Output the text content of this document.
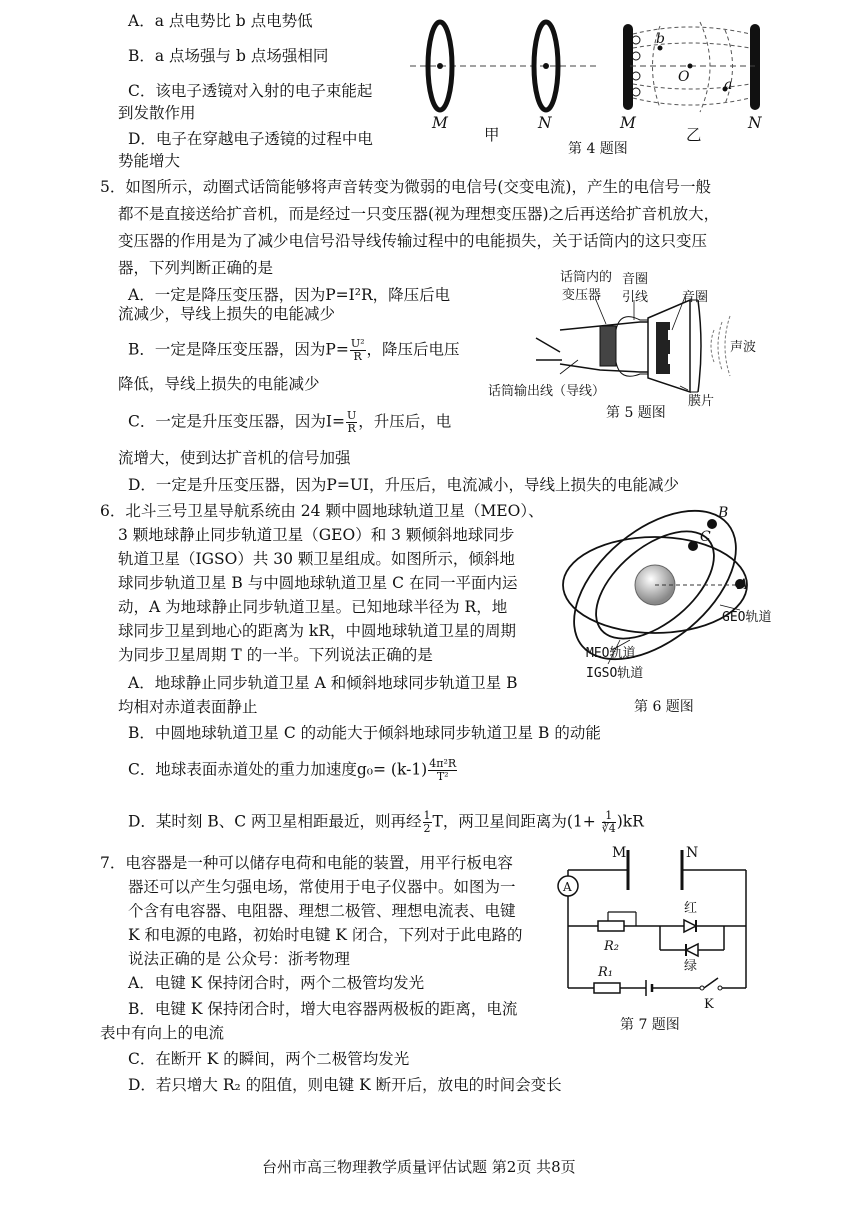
A．a 点电势比 b 点电势低
B．a 点场强与 b 点场强相同
C．该电子透镜对入射的电子束能起
到发散作用
D．电子在穿越电子透镜的过程中电
势能增大
M
甲
N	M
乙
N
O
b
a
第 4 题图
5．如图所示，动圈式话筒能够将声音转变为微弱的电信号(交变电流)，产生的电信号一般
都不是直接送给扩音机，而是经过一只变压器(视为理想变压器)之后再送给扩音机放大，
变压器的作用是为了减少电信号沿导线传输过程中的电能损失，关于话筒内的这只变压
器，下列判断正确的是
A．一定是降压变压器，因为P=I²R，降压后电
流减少，导线上损失的电能减少
B．一定是降压变压器，因为$P= \frac{\text{U²}}{R}$ ，降压后电压
降低，导线上损失的电能减少
C．一定是升压变压器，因为$I= \frac{U}{R}$ ，升压后，电
流增大，使到达扩音机的信号加强
D．一定是升压变压器，因为P=UI，升压后，电流减小，导线上损失的电能减少
话筒内的
变压器
音圈
引线	音圈
声波
话筒输出线（导线）
膜片
第 5 题图
6．北斗三号卫星导航系统由 24 颗中圆地球轨道卫星（MEO）、
3 颗地球静止同步轨道卫星（GEO）和 3 颗倾斜地球同步
轨道卫星（IGSO）共 30 颗卫星组成。如图所示，倾斜地
球同步轨道卫星 B 与中圆地球轨道卫星 C 在同一平面内运
动，A 为地球静止同步轨道卫星。已知地球半径为 R，地
球同步卫星到地心的距离为 kR，中圆地球轨道卫星的周期
为同步卫星周期 T 的一半。下列说法正确的是
A．地球静止同步轨道卫星 A 和倾斜地球同步轨道卫星 B
均相对赤道表面静止
B．中圆地球轨道卫星 C 的动能大于倾斜地球同步轨道卫星 B 的动能
C．地球表面赤道处的重力加速度$g_0= (k-1) \frac{\text{4π²R}}{\text{T²}}$
D．某时刻 B、C 两卫星相距最近，则再经 $\frac{1}{2}$ T，两卫星间距离为$(1+ \frac{1}{∛4} )kR$
B
C
A
GEO轨道
MEO轨道
IGSO轨道
第 6 题图
7．电容器是一种可以储存电荷和电能的装置，用平行板电容
器还可以产生匀强电场，常使用于电子仪器中。如图为一
个含有电容器、电阻器、理想二极管、理想电流表、电键
K 和电源的电路，初始时电键 K 闭合，下列对于此电路的
说法正确的是 公众号：浙考物理
A．电键 K 保持闭合时，两个二极管均发光
B．电键 K 保持闭合时，增大电容器两极板的距离，电流
表中有向上的电流
C．在断开 K 的瞬间，两个二极管均发光
D．若只增大 R₂ 的阻值，则电键 K 断开后，放电的时间会变长
M	N
A
R₂
R₁
红
绿
K
第 7 题图
台州市高三物理教学质量评估试题 第2页 共8页
